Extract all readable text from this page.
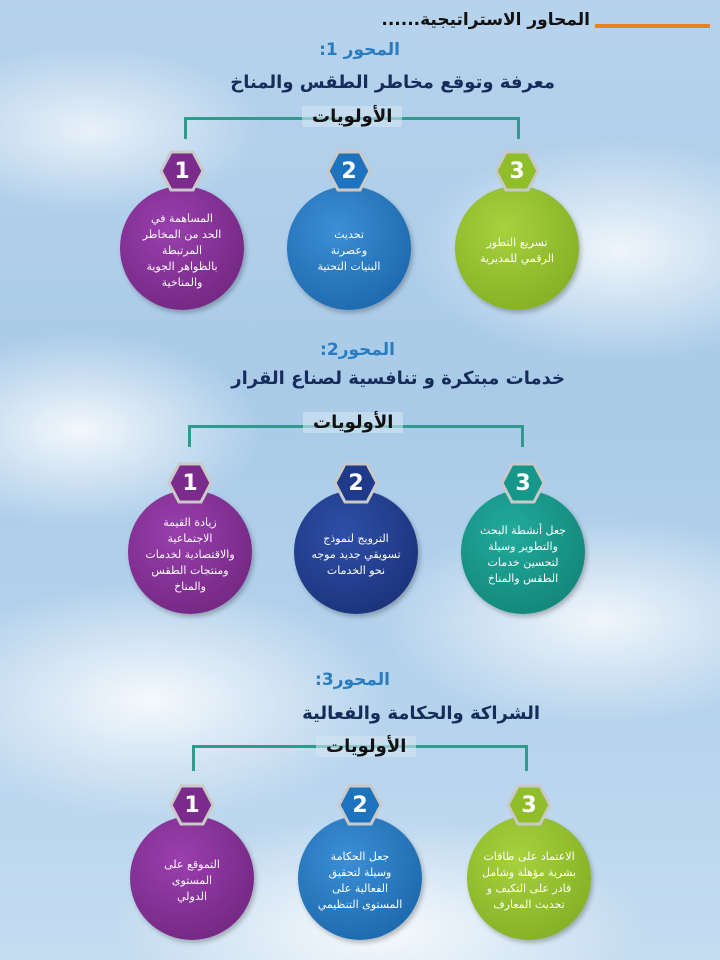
المحاور الاستراتيجية......
المحور 1:
معرفة وتوقع مخاطر الطقس والمناخ
الأولويات
المساهمة في
الحد من المخاطر
المرتبطة
بالظواهر الجوية
والمناخية
تحديث
وعصرنة
البنيات التحتية
تسريع التطور
الرقمي للمديرية
1	2	3
المحور2:
خدمات مبتكرة و تنافسية لصناع القرار
الأولويات
زيادة القيمة
الاجتماعية
والاقتصادية لخدمات
ومنتجات الطقس
والمناخ
الترويج لنموذج
تسويقي جديد موجه
نحو الخدمات
جعل أنشطة البحث
والتطوير وسيلة
لتحسين خدمات
الطقس والمناخ
1	2	3
المحور3:
الشراكة والحكامة والفعالية
الأولويات
التموقع على
المستوى
الدولي
جعل الحكامة
وسيلة لتحقيق
الفعالية على
المستوى التنظيمي
الاعتماد على طاقات
بشرية مؤهلة وشامل
قادر على التكيف و
تحديث المعارف
1	2	3
